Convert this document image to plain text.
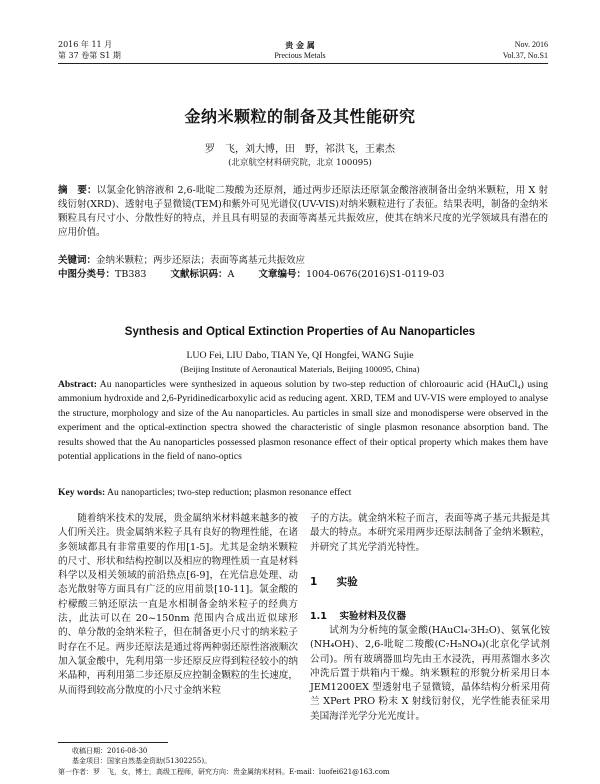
2016 年 11 月
第 37 卷第 S1 期
贵 金 属
Precious Metals
Nov. 2016
Vol.37, No.S1
金纳米颗粒的制备及其性能研究
罗　飞，刘大博，田　野，祁洪飞，王素杰
(北京航空材料研究院，北京 100095)
摘　要：以氯金化钠溶液和 2,6-吡啶二羧酸为还原剂，通过两步还原法还原氯金酸溶液制备出金纳米颗粒，用 X 射线衍射(XRD)、透射电子显微镜(TEM)和紫外可见光谱仪(UV-VIS)对纳米颗粒进行了表征。结果表明，制备的金纳米颗粒具有尺寸小、分散性好的特点，并且具有明显的表面等离基元共振效应，使其在纳米尺度的光学领域具有潜在的应用价值。
关键词：金纳米颗粒；两步还原法；表面等离基元共振效应
中图分类号：TB383	文献标识码：A	文章编号：1004-0676(2016)S1-0119-03
Synthesis and Optical Extinction Properties of Au Nanoparticles
LUO Fei, LIU Dabo, TIAN Ye, QI Hongfei, WANG Sujie
(Beijing Institute of Aeronautical Materials, Beijing 100095, China)
Abstract: Au nanoparticles were synthesized in aqueous solution by two-step reduction of chloroauric acid (HAuCl₄) using ammonium hydroxide and 2,6-Pyridinedicarboxylic acid as reducing agent. XRD, TEM and UV-VIS were employed to analyse the structure, morphology and size of the Au nanoparticles. Au particles in small size and monodisperse were observed in the experiment and the optical-extinction spectra showed the characteristic of single plasmon resonance absorption band. The results showed that the Au nanoparticles possessed plasmon resonance effect of their optical property which makes them have potential applications in the field of nano-optics
Key words: Au nanoparticles; two-step reduction; plasmon resonance effect
随着纳米技术的发展，贵金属纳米材料越来越多的被人们所关注。贵金属纳米粒子具有良好的物理性能，在诸多领域都具有非常重要的作用[1-5]。尤其是金纳米颗粒的尺寸、形状和结构控制以及相应的物理性质一直是材料科学以及相关领域的前沿热点[6-9]，在光信息处理、动态光散射等方面具有广泛的应用前景[10-11]。氯金酸的柠檬酸三钠还原法一直是水相制备金纳米粒子的经典方法，此法可以在 20~150nm 范围内合成出近似球形的、单分散的金纳米粒子，但在制备更小尺寸的纳米粒子时存在不足。两步还原法是通过将两种弱还原性溶液顺次加入氯金酸中，先利用第一步还原反应得到粒径较小的纳米晶种，再利用第二步还原反应控制金颗粒的生长速度，从而得到较高分散度的小尺寸金纳米粒
子的方法。就金纳米粒子而言，表面等离子基元共振是其最大的特点。本研究采用两步还原法制备了金纳米颗粒，并研究了其光学消光特性。
1 实验
1.1 实验材料及仪器
试剂为分析纯的氯金酸(HAuCl₄·3H₂O)、氨氧化铵(NH₄OH)、2,6-吡啶二羧酸(C₇H₅NO₄)(北京化学试剂公司)。所有玻璃器皿均先由王水浸洗，再用蒸馏水多次冲洗后置于烘箱内干燥。纳米颗粒的形貌分析采用日本 JEM1200EX 型透射电子显微镜，晶体结构分析采用荷兰 XPert PRO 粉末 X 射线衍射仪，光学性能表征采用美国海洋光学分光光度计。
收稿日期：2016-08-30
基金项目：国家自然基金资助(51302255)。
第一作者：罗　飞，女，博士，高级工程师，研究方向：贵金属纳米材料。E-mail：luofei621@163.com
